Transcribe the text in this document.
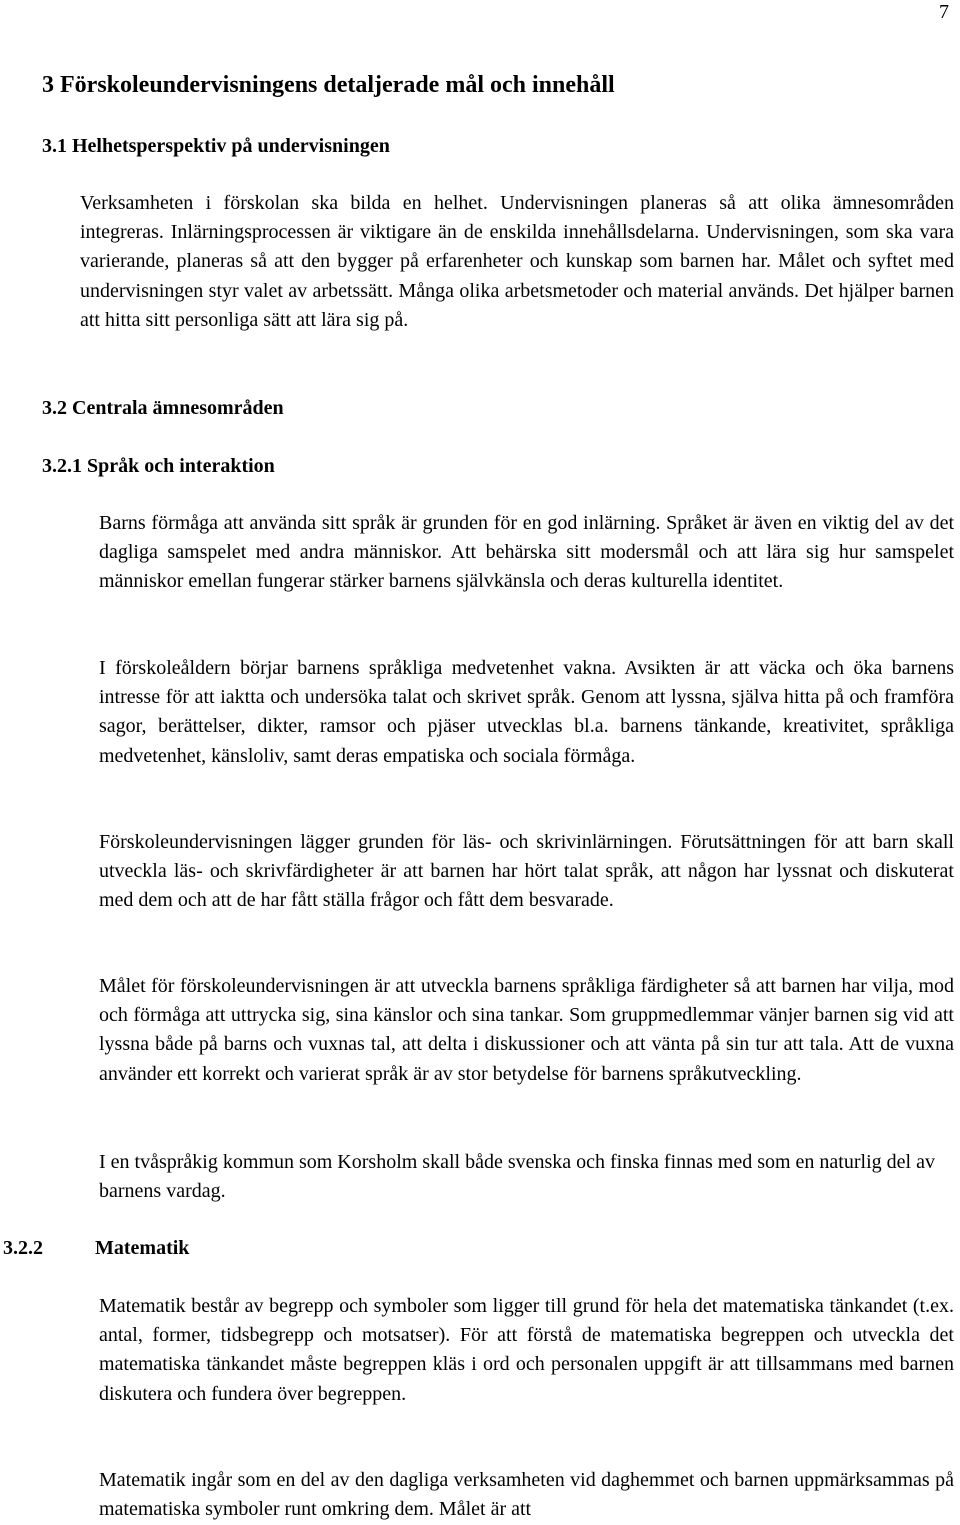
7
3 Förskoleundervisningens detaljerade mål och innehåll
3.1 Helhetsperspektiv på undervisningen

Verksamheten i förskolan ska bilda en helhet. Undervisningen planeras så att olika ämnesområden integreras. Inlärningsprocessen är viktigare än de enskilda innehållsdelarna. Undervisningen, som ska vara varierande, planeras så att den bygger på erfarenheter och kunskap som barnen har. Målet och syftet med undervisningen styr valet av arbetssätt. Många olika arbetsmetoder och material används. Det hjälper barnen att hitta sitt personliga sätt att lära sig på.

3.2 Centrala ämnesområden
3.2.1 Språk och interaktion

Barns förmåga att använda sitt språk är grunden för en god inlärning. Språket är även en viktig del av det dagliga samspelet med andra människor. Att behärska sitt modersmål och att lära sig hur samspelet människor emellan fungerar stärker barnens självkänsla och deras kulturella identitet.

I förskoleåldern börjar barnens språkliga medvetenhet vakna. Avsikten är att väcka och öka barnens intresse för att iaktta och undersöka talat och skrivet språk. Genom att lyssna, själva hitta på och framföra sagor, berättelser, dikter, ramsor och pjäser utvecklas bl.a. barnens tänkande, kreativitet, språkliga medvetenhet, känsloliv, samt deras empatiska och sociala förmåga.

Förskoleundervisningen lägger grunden för läs- och skrivinlärningen. Förutsättningen för att barn skall utveckla läs- och skrivfärdigheter är att barnen har hört talat språk, att någon har lyssnat och diskuterat med dem och att de har fått ställa frågor och fått dem besvarade.

Målet för förskoleundervisningen är att utveckla barnens språkliga färdigheter så att barnen har vilja, mod och förmåga att uttrycka sig, sina känslor och sina tankar. Som gruppmedlemmar vänjer barnen sig vid att lyssna både på barns och vuxnas tal, att delta i diskussioner och att vänta på sin tur att tala. Att de vuxna använder ett korrekt och varierat språk är av stor betydelse för barnens språkutveckling.

I en tvåspråkig kommun som Korsholm skall både svenska och finska finnas med som en naturlig del av barnens vardag.

3.2.2	Matematik

Matematik består av begrepp och symboler som ligger till grund för hela det matematiska tänkandet (t.ex. antal, former, tidsbegrepp och motsatser). För att förstå de matematiska begreppen och utveckla det matematiska tänkandet måste begreppen kläs i ord och personalen uppgift är att tillsammans med barnen diskutera och fundera över begreppen.

Matematik ingår som en del av den dagliga verksamheten vid daghemmet och barnen uppmärksammas på matematiska symboler runt omkring dem. Målet är att
